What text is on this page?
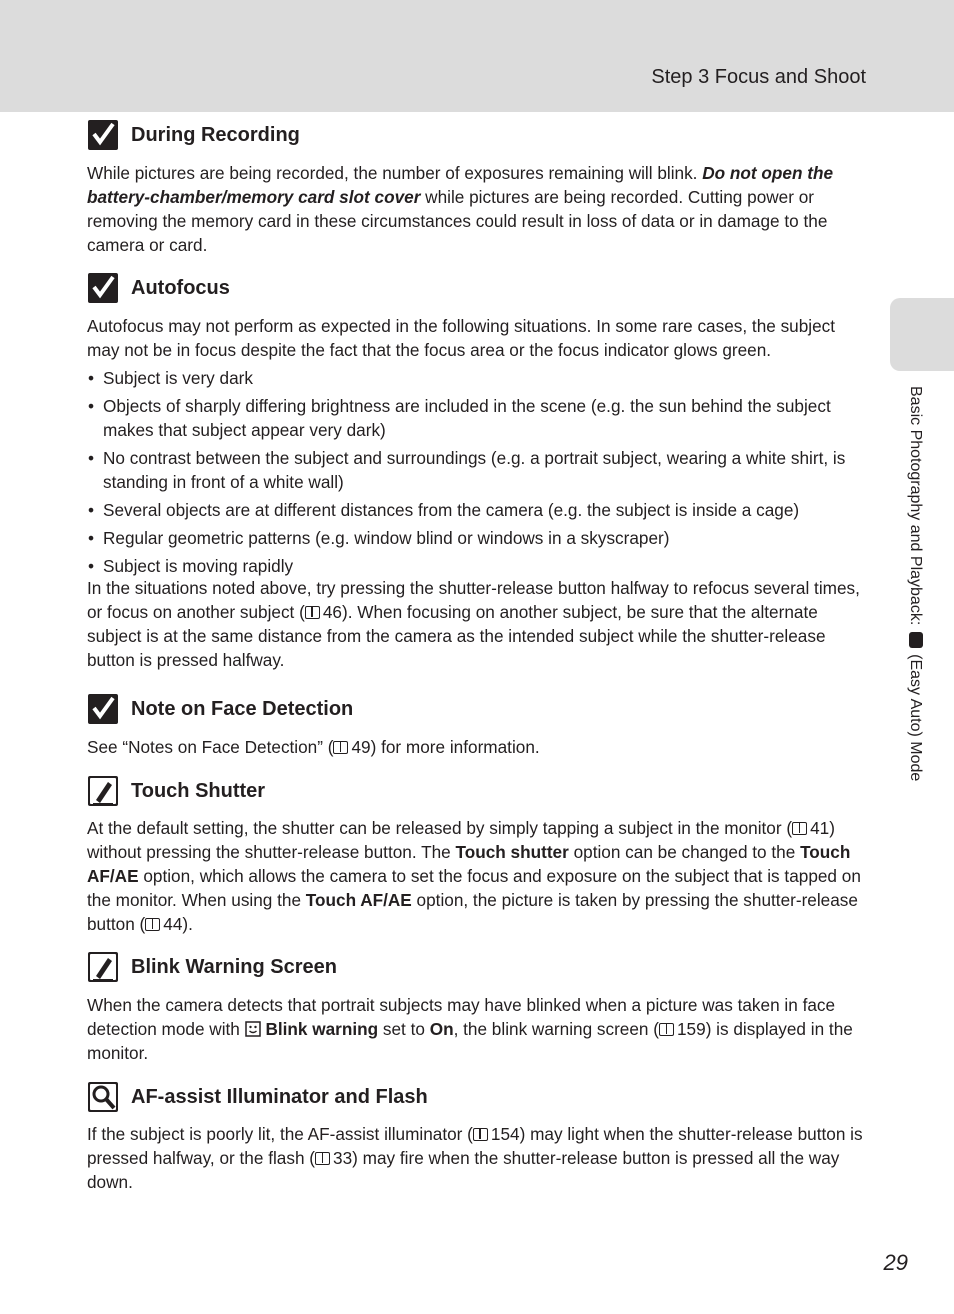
Step 3 Focus and Shoot
Basic Photography and Playback:  (Easy Auto) Mode
During Recording

While pictures are being recorded, the number of exposures remaining will blink. Do not open the battery-chamber/memory card slot cover while pictures are being recorded. Cutting power or removing the memory card in these circumstances could result in loss of data or in damage to the camera or card.

Autofocus

Autofocus may not perform as expected in the following situations. In some rare cases, the subject may not be in focus despite the fact that the focus area or the focus indicator glows green.

• Subject is very dark
• Objects of sharply differing brightness are included in the scene (e.g. the sun behind the subject makes that subject appear very dark)
• No contrast between the subject and surroundings (e.g. a portrait subject, wearing a white shirt, is standing in front of a white wall)
• Several objects are at different distances from the camera (e.g. the subject is inside a cage)
• Regular geometric patterns (e.g. window blind or windows in a skyscraper)
• Subject is moving rapidly

In the situations noted above, try pressing the shutter-release button halfway to refocus several times, or focus on another subject ( 46). When focusing on another subject, be sure that the alternate subject is at the same distance from the camera as the intended subject while the shutter-release button is pressed halfway.

Note on Face Detection

See “Notes on Face Detection” ( 49) for more information.

Touch Shutter

At the default setting, the shutter can be released by simply tapping a subject in the monitor ( 41) without pressing the shutter-release button. The Touch shutter option can be changed to the Touch AF/AE option, which allows the camera to set the focus and exposure on the subject that is tapped on the monitor. When using the Touch AF/AE option, the picture is taken by pressing the shutter-release button ( 44).

Blink Warning Screen

When the camera detects that portrait subjects may have blinked when a picture was taken in face detection mode with  Blink warning set to On, the blink warning screen ( 159) is displayed in the monitor.

AF-assist Illuminator and Flash

If the subject is poorly lit, the AF-assist illuminator ( 154) may light when the shutter-release button is pressed halfway, or the flash ( 33) may fire when the shutter-release button is pressed all the way down.

29
